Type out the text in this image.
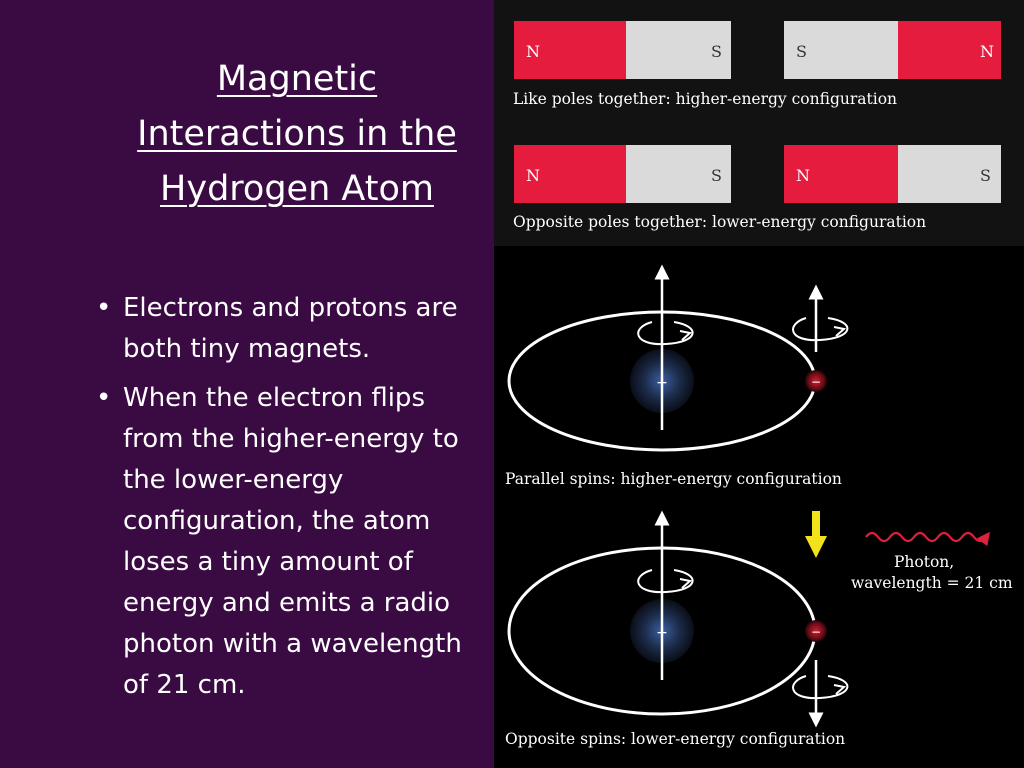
Magnetic
Interactions in the
Hydrogen Atom
• Electrons and protons are both tiny magnets.
• When the electron flips from the higher-energy to the lower-energy configuration, the atom loses a tiny amount of energy and emits a radio photon with a wavelength of 21 cm.
N	S	S	N
Like poles together: higher-energy configuration
N	S	N	S
Opposite poles together: lower-energy configuration
+	−
+	−
Parallel spins: higher-energy configuration
Photon,
wavelength = 21 cm
Opposite spins: lower-energy configuration
